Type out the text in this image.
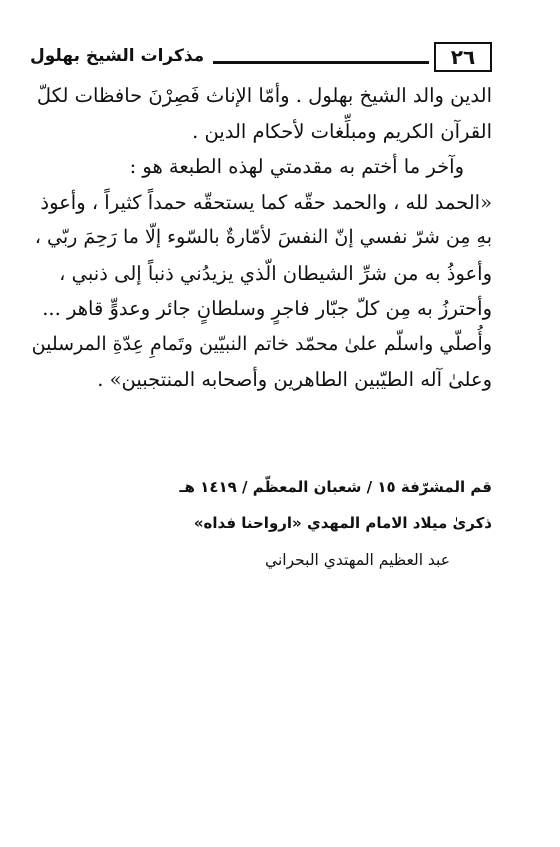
٢٦
مذكرات الشيخ بهلول
الدين والد الشيخ بهلول . وأمّا الإناث فَصِرْنَ حافظات لكلّ
القرآن الكريم ومبلِّغات لأحكام الدين .
وآخر ما أختم به مقدمتي لهذه الطبعة هو :
«الحمد لله ، والحمد حقّه كما يستحقّه حمداً كثيراً ، وأعوذ
بهِ مِن شرّ نفسي إنّ النفسَ لأمّارةٌ بالسّوء إلّا ما رَحِمَ ربّي ،
وأعوذُ به من شرِّ الشيطان الّذي يزيدُني ذنباً إلى ذنبي ،
وأحترزُ به مِن كلّ جبّار فاجرٍ وسلطانٍ جائر وعدوٍّ قاهر ...
وأُصلّي واسلّم علىٰ محمّد خاتم النبيّين وتَمامِ عِدّةِ المرسلين
وعلىٰ آله الطيّبين الطاهرين وأصحابه المنتجبين» .
قم المشرّفة ١٥ / شعبان المعظّم / ١٤١٩ هـ
ذكرىٰ ميلاد الامام المهدي «ارواحنا فداه»
عبد العظيم المهتدي البحراني
